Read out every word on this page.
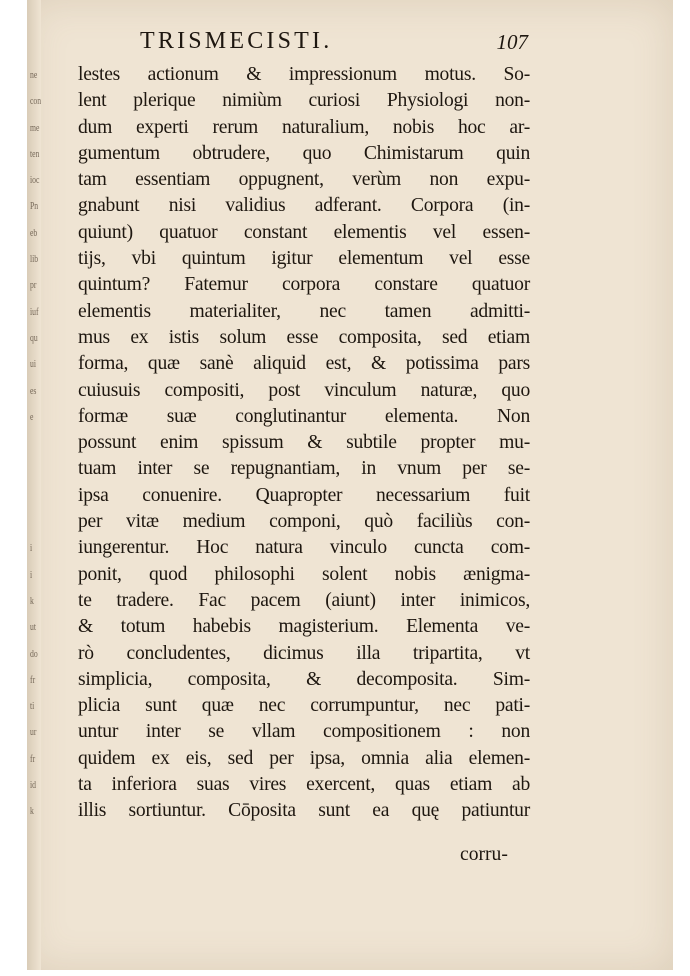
ne
con
me
ten
ioc
Pn
eb
lib
pr
iuf
qu
ui
es
e
i
i
k
ut
do
fr
ti
ur
fr
id
k
TRISMECISTI.	107
lestes actionum & impressionum motus. So-
lent plerique nimiùm curiosi Physiologi non-
dum experti rerum naturalium, nobis hoc ar-
gumentum obtrudere, quo Chimistarum quin
tam essentiam oppugnent, verùm non expu-
gnabunt nisi validius adferant. Corpora (in-
quiunt) quatuor constant elementis vel essen-
tijs, vbi quintum igitur elementum vel esse
quintum? Fatemur corpora constare quatuor
elementis materialiter, nec tamen admitti-
mus ex istis solum esse composita, sed etiam
forma, quæ sanè aliquid est, & potissima pars
cuiusuis compositi, post vinculum naturæ, quo
formæ suæ conglutinantur elementa. Non
possunt enim spissum & subtile propter mu-
tuam inter se repugnantiam, in vnum per se-
ipsa conuenire. Quapropter necessarium fuit
per vitæ medium componi, quò faciliùs con-
iungerentur. Hoc natura vinculo cuncta com-
ponit, quod philosophi solent nobis ænigma-
te tradere. Fac pacem (aiunt) inter inimicos,
& totum habebis magisterium. Elementa ve-
rò concludentes, dicimus illa tripartita, vt
simplicia, composita, & decomposita. Sim-
plicia sunt quæ nec corrumpuntur, nec pati-
untur inter se vllam compositionem : non
quidem ex eis, sed per ipsa, omnia alia elemen-
ta inferiora suas vires exercent, quas etiam ab
illis sortiuntur. Cōposita sunt ea quę patiuntur
corru-
